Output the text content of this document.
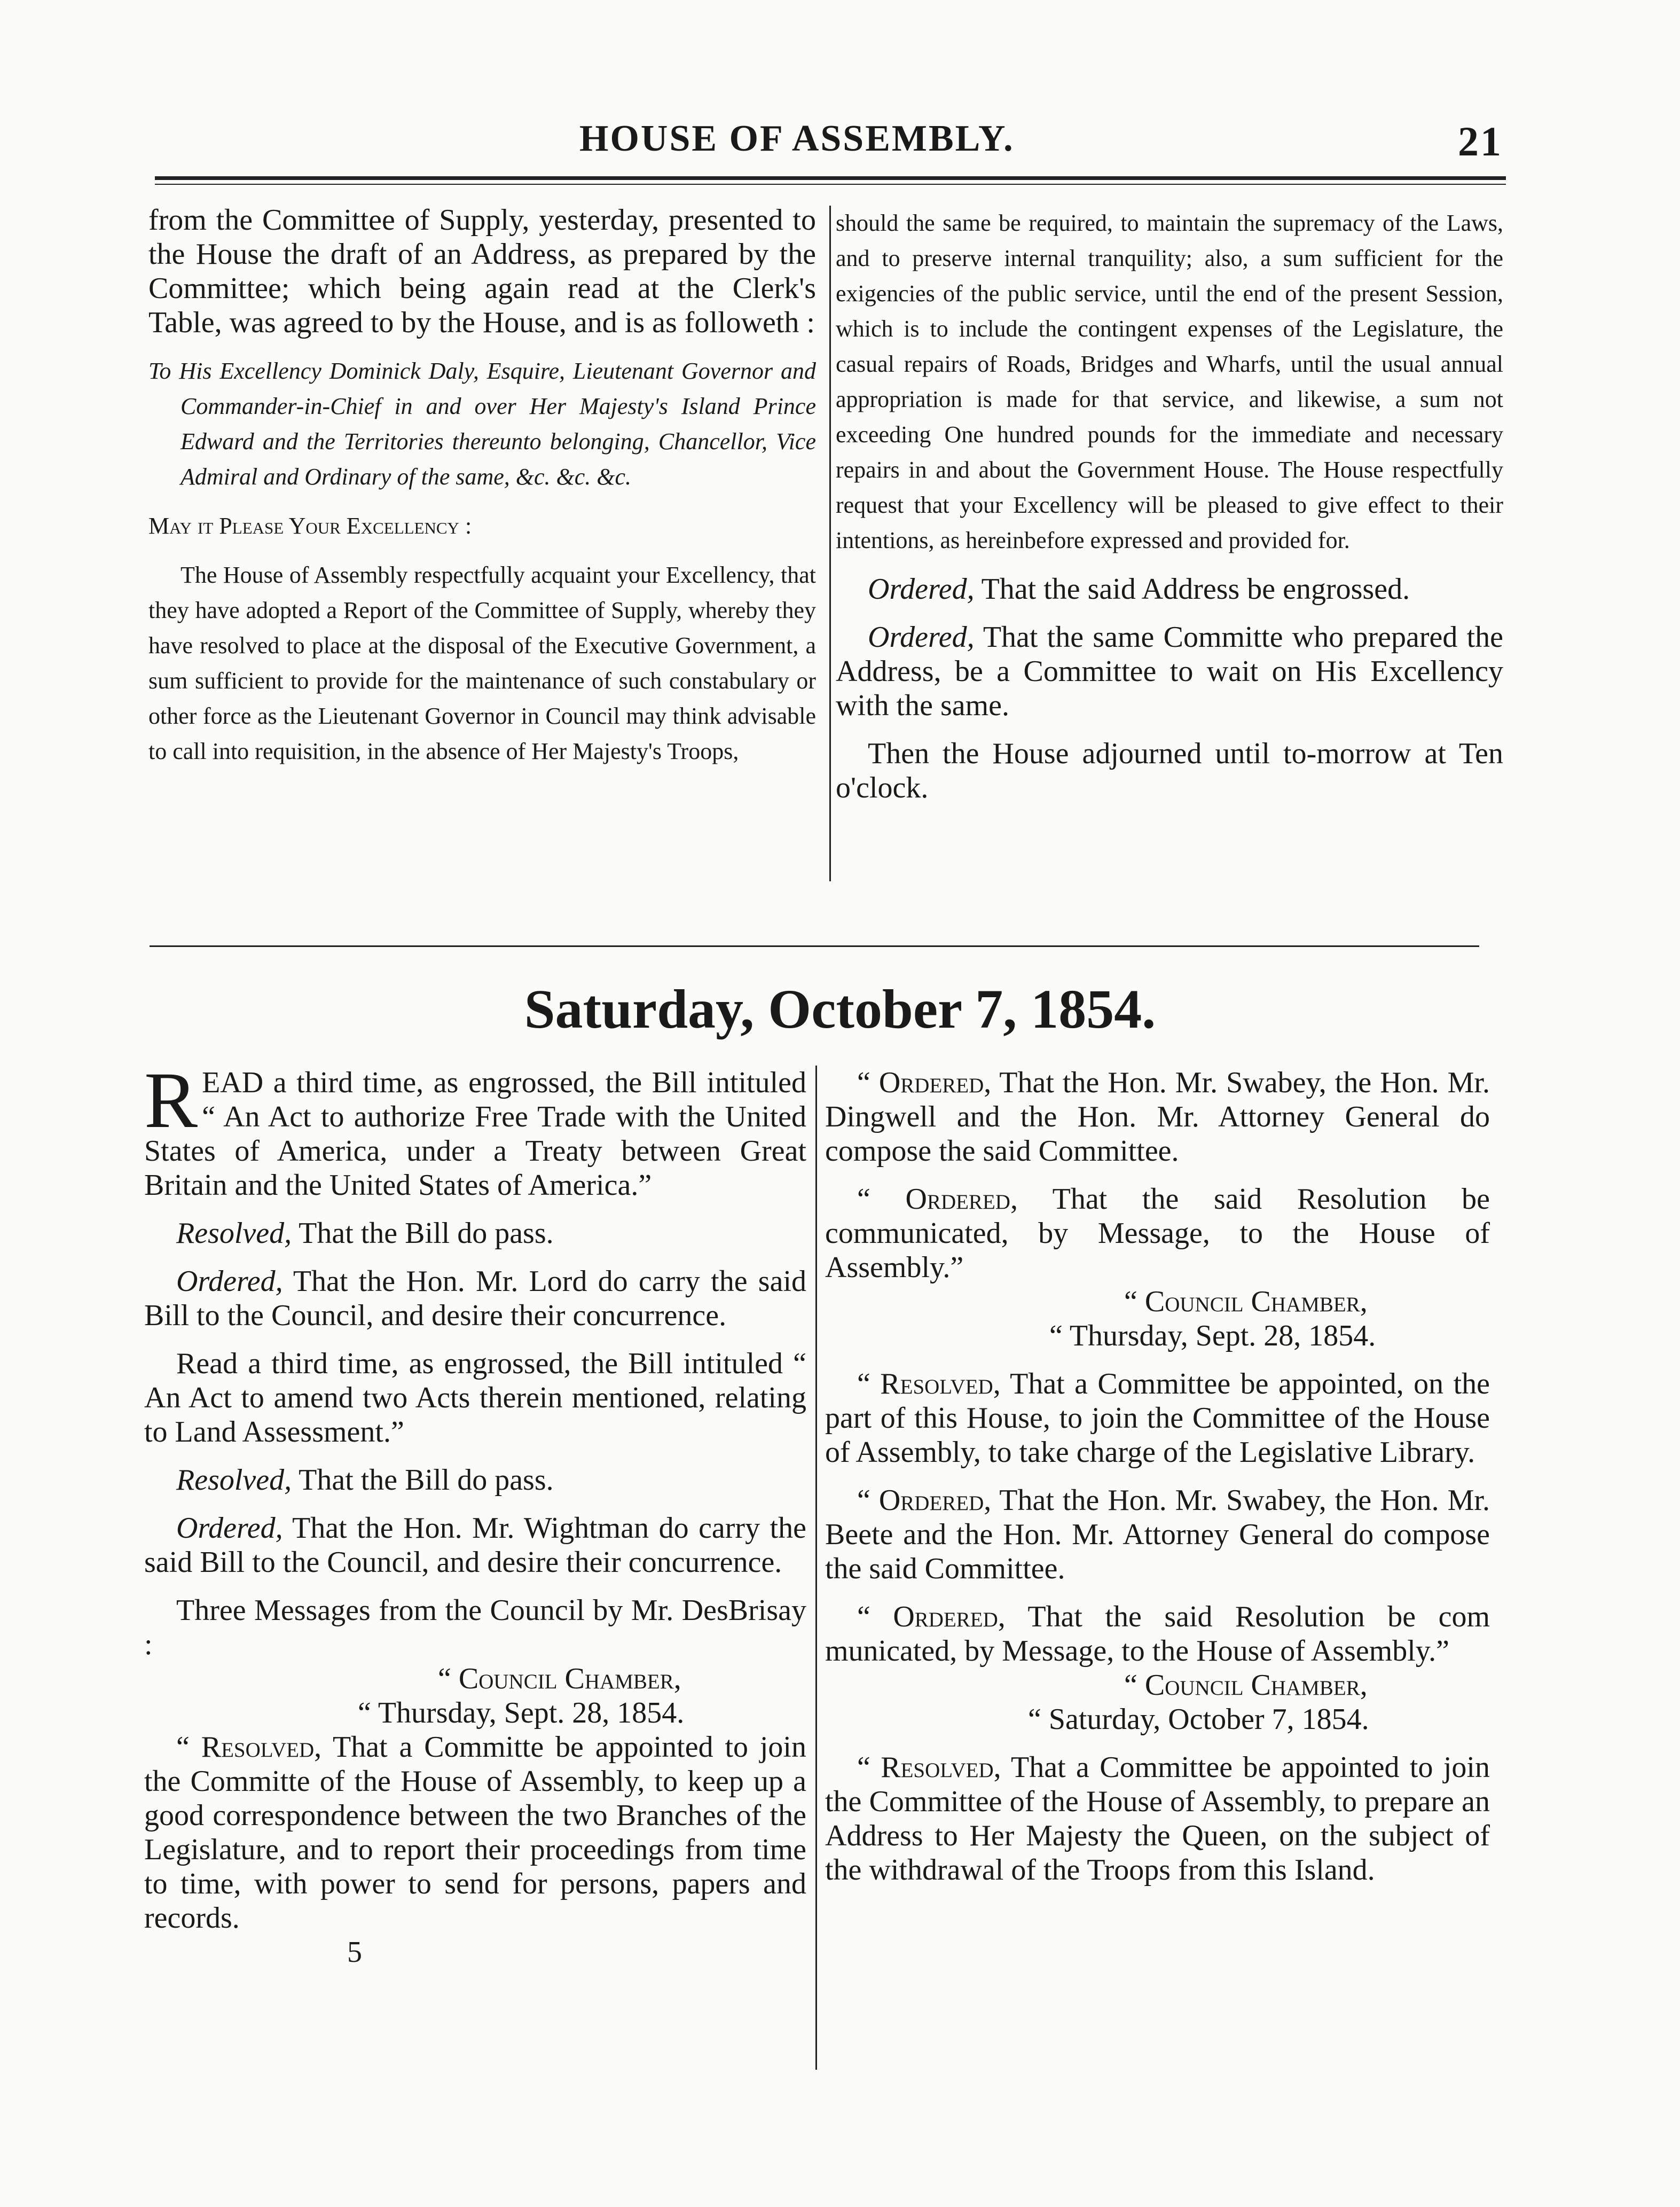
HOUSE OF ASSEMBLY.	21

from the Committee of Supply, yesterday, presented to the House the draft of an Address, as prepared by the Committee; which being again read at the Clerk's Table, was agreed to by the House, and is as followeth :

To His Excellency Dominick Daly, Esquire, Lieutenant Governor and Commander-in-Chief in and over Her Majesty's Island Prince Edward and the Territories thereunto belonging, Chancellor, Vice Admiral and Ordinary of the same, &c. &c. &c.

May it Please Your Excellency :

The House of Assembly respectfully acquaint your Excellency, that they have adopted a Report of the Committee of Supply, whereby they have resolved to place at the disposal of the Executive Government, a sum sufficient to provide for the maintenance of such constabulary or other force as the Lieutenant Governor in Council may think advisable to call into requisition, in the absence of Her Majesty's Troops,

should the same be required, to maintain the supremacy of the Laws, and to preserve internal tranquility; also, a sum sufficient for the exigencies of the public service, until the end of the present Session, which is to include the contingent expenses of the Legislature, the casual repairs of Roads, Bridges and Wharfs, until the usual annual appropriation is made for that service, and likewise, a sum not exceeding One hundred pounds for the immediate and necessary repairs in and about the Government House. The House respectfully request that your Excellency will be pleased to give effect to their intentions, as hereinbefore expressed and provided for.

Ordered, That the said Address be engrossed.

Ordered, That the same Committe who prepared the Address, be a Committee to wait on His Excellency with the same.

Then the House adjourned until to-morrow at Ten o'clock.

Saturday, October 7, 1854.

READ a third time, as engrossed, the Bill intituled “ An Act to authorize Free Trade with the United States of America, under a Treaty between Great Britain and the United States of America.”

Resolved, That the Bill do pass.

Ordered, That the Hon. Mr. Lord do carry the said Bill to the Council, and desire their concurrence.

Read a third time, as engrossed, the Bill intituled “ An Act to amend two Acts therein mentioned, relating to Land Assessment.”

Resolved, That the Bill do pass.

Ordered, That the Hon. Mr. Wightman do carry the said Bill to the Council, and desire their concurrence.

Three Messages from the Council by Mr. DesBrisay :

“ Council Chamber,

“ Thursday, Sept. 28, 1854.

“ Resolved, That a Committe be appointed to join the Committe of the House of Assembly, to keep up a good correspondence between the two Branches of the Legislature, and to report their proceedings from time to time, with power to send for persons, papers and records.

5

“ Ordered, That the Hon. Mr. Swabey, the Hon. Mr. Dingwell and the Hon. Mr. Attorney General do compose the said Committee.

“ Ordered, That the said Resolution be communicated, by Message, to the House of Assembly.”

“ Council Chamber,

“ Thursday, Sept. 28, 1854.

“ Resolved, That a Committee be appointed, on the part of this House, to join the Committee of the House of Assembly, to take charge of the Legislative Library.

“ Ordered, That the Hon. Mr. Swabey, the Hon. Mr. Beete and the Hon. Mr. Attorney General do compose the said Committee.

“ Ordered, That the said Resolution be com municated, by Message, to the House of Assembly.”

“ Council Chamber,

“ Saturday, October 7, 1854.

“ Resolved, That a Committee be appointed to join the Committee of the House of Assembly, to prepare an Address to Her Majesty the Queen, on the subject of the withdrawal of the Troops from this Island.
